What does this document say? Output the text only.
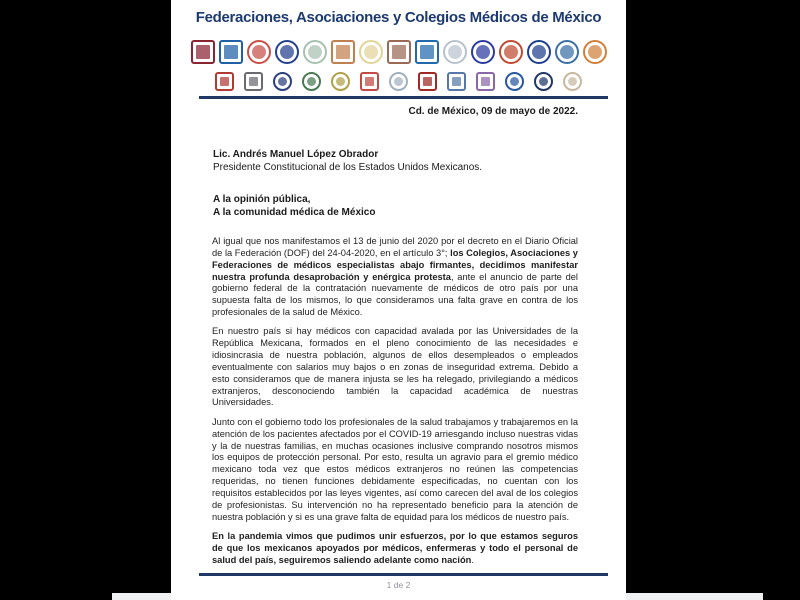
Federaciones, Asociaciones y Colegios Médicos de México
Cd. de México, 09 de mayo de 2022.
Lic. Andrés Manuel López Obrador
Presidente Constitucional de los Estados Unidos Mexicanos.
A la opinión pública,
A la comunidad médica de México

Al igual que nos manifestamos el 13 de junio del 2020 por el decreto en el Diario Oficial de la Federación (DOF) del 24-04-2020, en el artículo 3°; los Colegios, Asociaciones y Federaciones de médicos especialistas abajo firmantes, decidimos manifestar nuestra profunda desaprobación y enérgica protesta, ante el anuncio de parte del gobierno federal de la contratación nuevamente de médicos de otro país por una supuesta falta de los mismos, lo que consideramos una falta grave en contra de los profesionales de la salud de México.

En nuestro país si hay médicos con capacidad avalada por las Universidades de la República Mexicana, formados en el pleno conocimiento de las necesidades e idiosincrasia de nuestra población, algunos de ellos desempleados o empleados eventualmente con salarios muy bajos o en zonas de inseguridad extrema. Debido a esto consideramos que de manera injusta se les ha relegado, privilegiando a médicos extranjeros, desconociendo también la capacidad académica de nuestras Universidades.

Junto con el gobierno todo los profesionales de la salud trabajamos y trabajaremos en la atención de los pacientes afectados por el COVID-19 arriesgando incluso nuestras vidas y la de nuestras familias, en muchas ocasiones inclusive comprando nosotros mismos los equipos de protección personal. Por esto, resulta un agravio para el gremio médico mexicano toda vez que estos médicos extranjeros no reúnen las competencias requeridas, no tienen funciones debidamente especificadas, no cuentan con los requisitos establecidos por las leyes vigentes, así como carecen del aval de los colegios de profesionistas. Su intervención no ha representado beneficio para la atención de nuestra población y si es una grave falta de equidad para los médicos de nuestro país.

En la pandemia vimos que pudimos unir esfuerzos, por lo que estamos seguros de que los mexicanos apoyados por médicos, enfermeras y todo el personal de salud del país, seguiremos saliendo adelante como nación.

1 de 2
